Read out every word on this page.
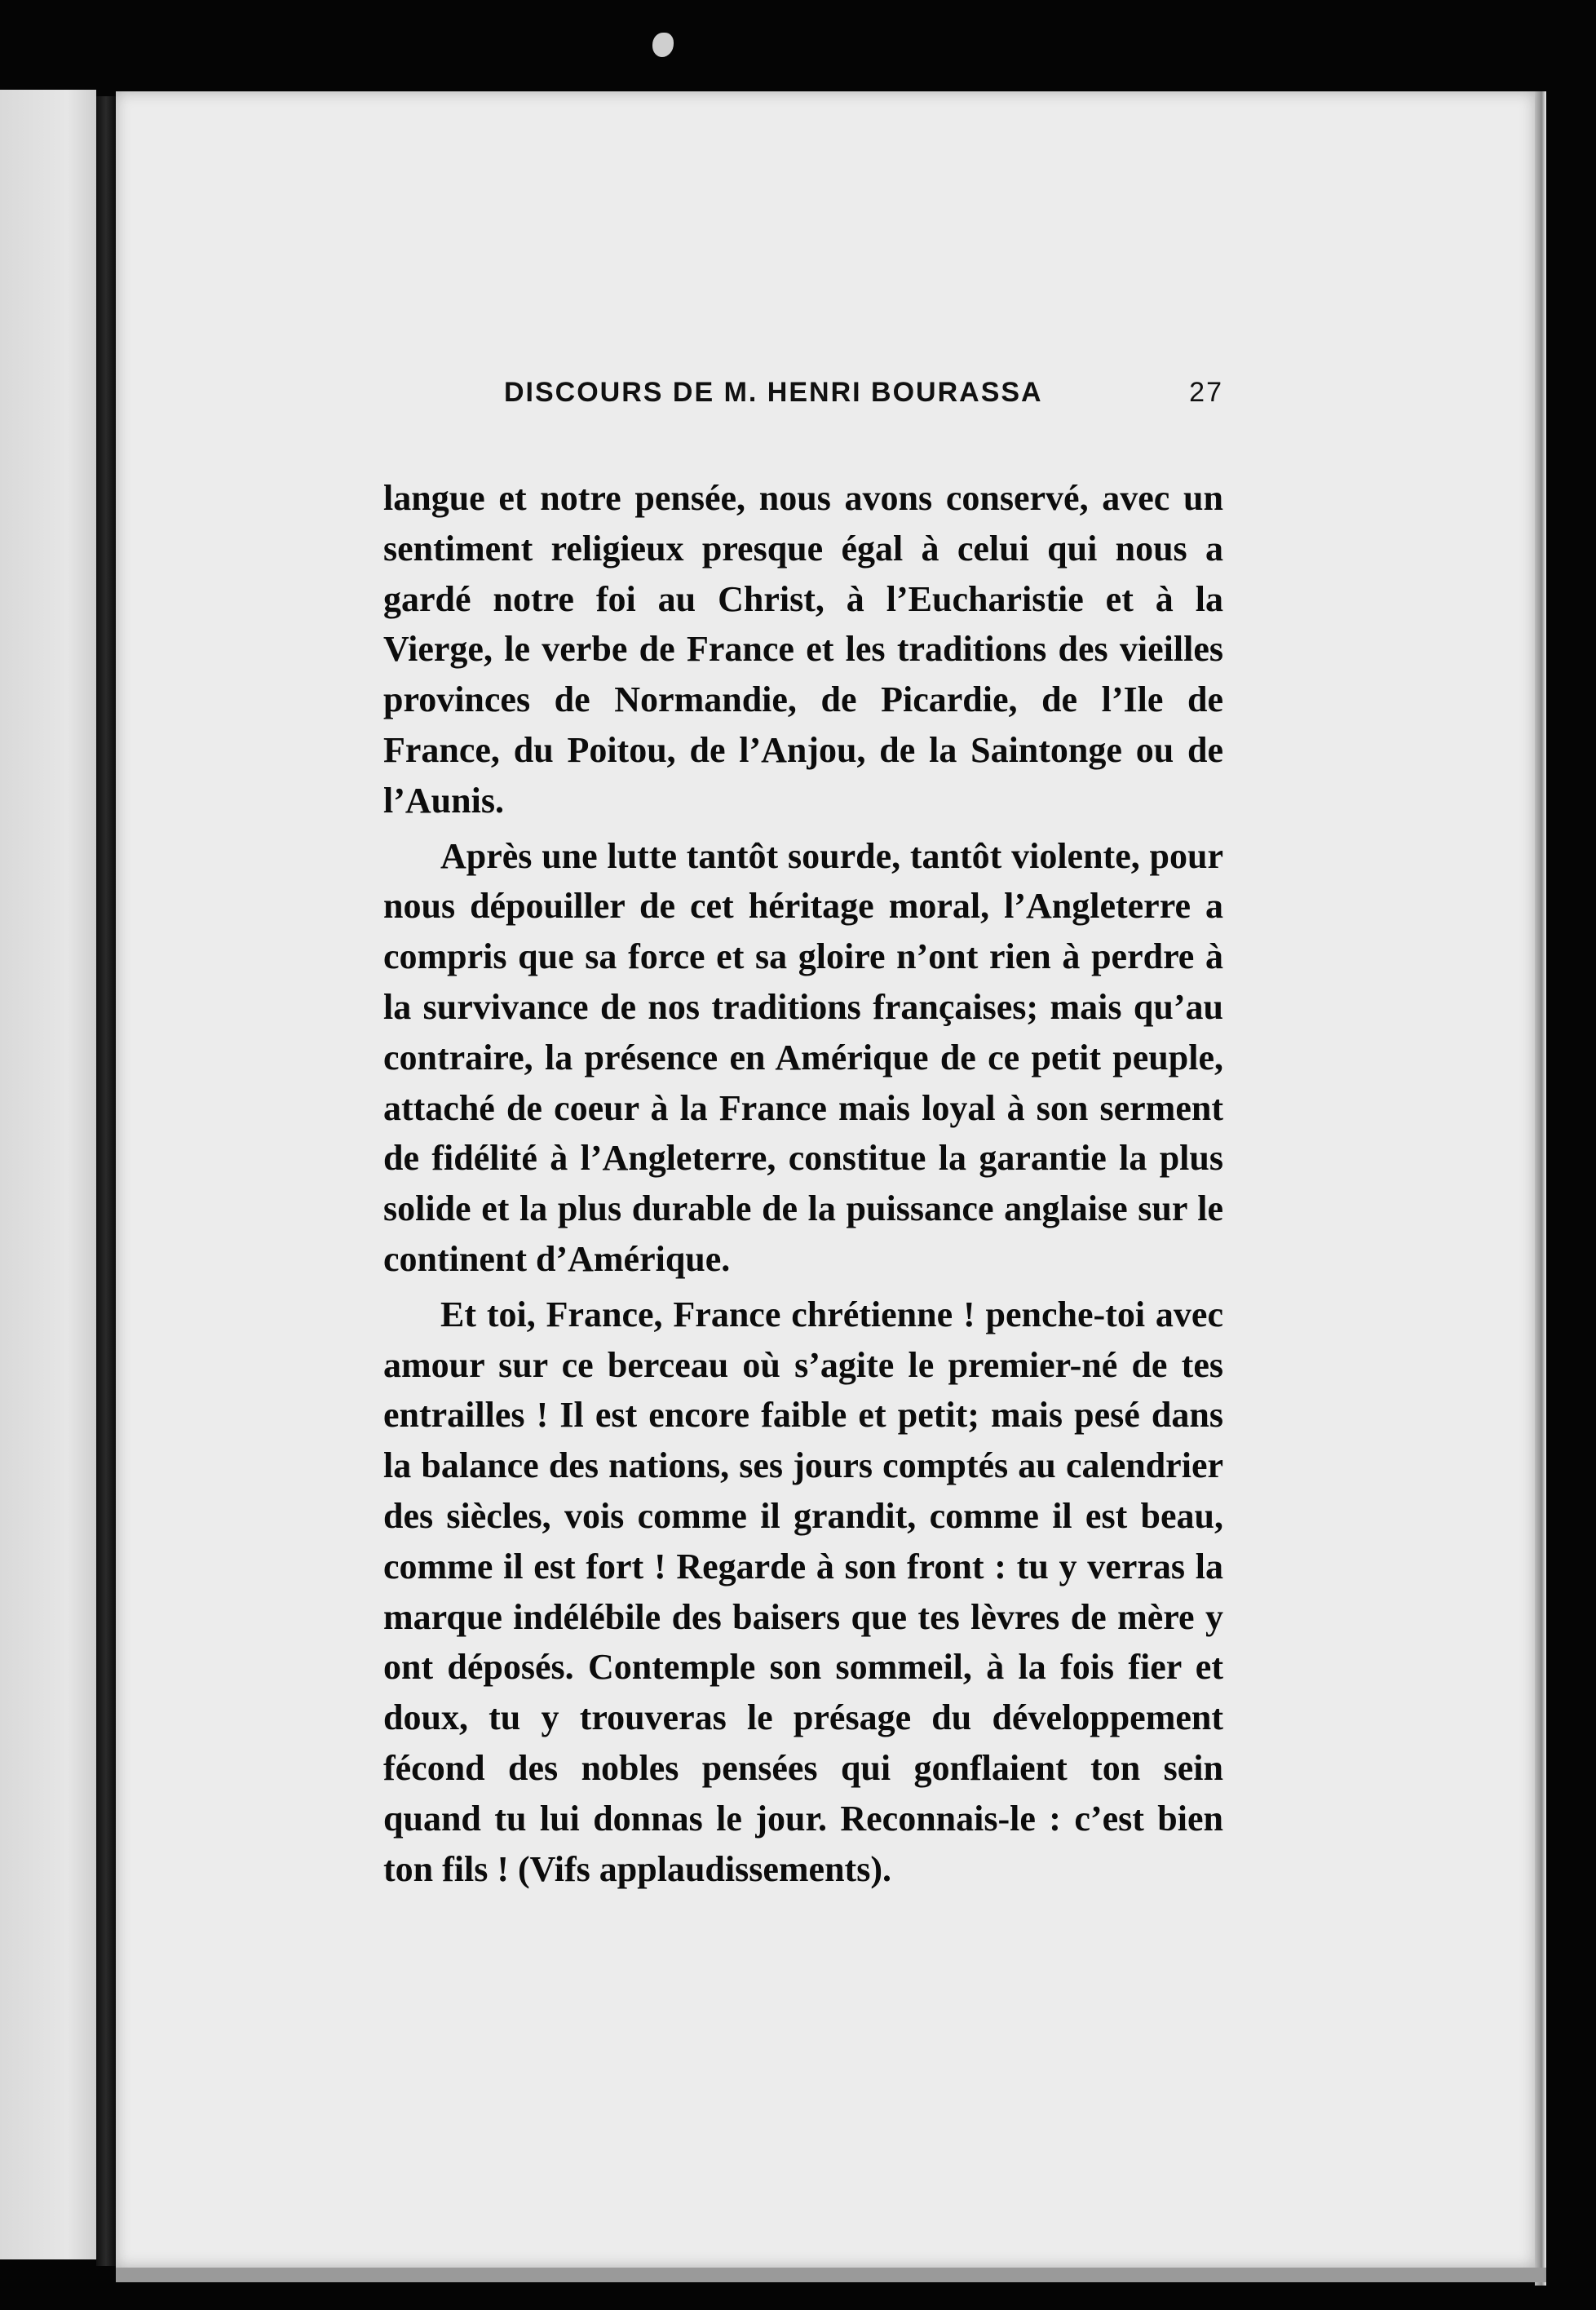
DISCOURS DE M. HENRI BOURASSA	27

langue et notre pensée, nous avons conservé, avec un sentiment religieux presque égal à celui qui nous a gardé notre foi au Christ, à l’Eucharistie et à la Vierge, le verbe de France et les traditions des vieilles provinces de Normandie, de Picardie, de l’Ile de France, du Poitou, de l’Anjou, de la Saintonge ou de l’Aunis.

Après une lutte tantôt sourde, tantôt violente, pour nous dépouiller de cet héritage moral, l’Angleterre a compris que sa force et sa gloire n’ont rien à perdre à la survivance de nos traditions françaises; mais qu’au contraire, la présence en Amérique de ce petit peuple, attaché de coeur à la France mais loyal à son serment de fidélité à l’Angleterre, constitue la garantie la plus solide et la plus durable de la puissance anglaise sur le continent d’Amérique.

Et toi, France, France chrétienne ! penche-toi avec amour sur ce berceau où s’agite le premier-né de tes entrailles ! Il est encore faible et petit; mais pesé dans la balance des nations, ses jours comptés au calendrier des siècles, vois comme il grandit, comme il est beau, comme il est fort ! Regarde à son front : tu y verras la marque indélébile des baisers que tes lèvres de mère y ont déposés. Contemple son sommeil, à la fois fier et doux, tu y trouveras le présage du développement fécond des nobles pensées qui gonflaient ton sein quand tu lui donnas le jour. Reconnais-le : c’est bien ton fils ! (Vifs applaudissements).
